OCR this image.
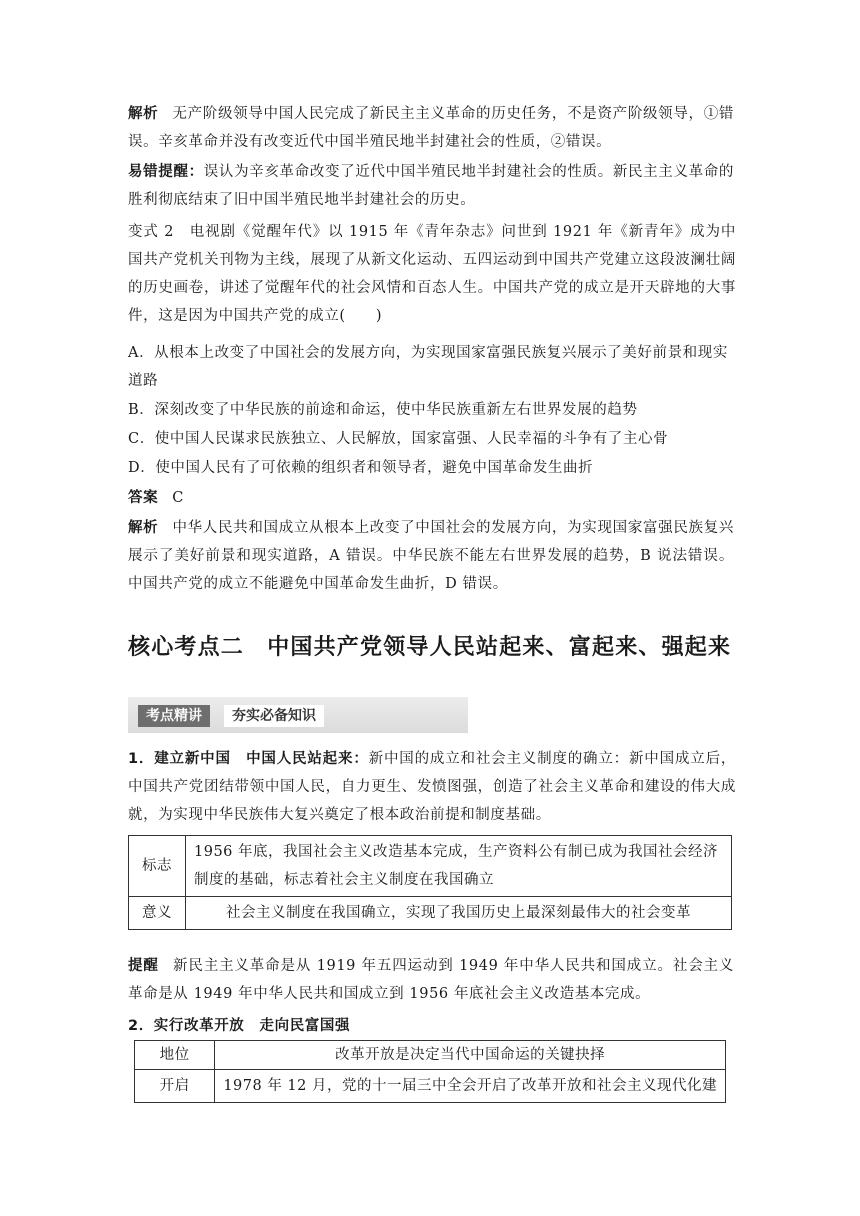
解析 无产阶级领导中国人民完成了新民主主义革命的历史任务，不是资产阶级领导，①错误。辛亥革命并没有改变近代中国半殖民地半封建社会的性质，②错误。
易错提醒：误认为辛亥革命改变了近代中国半殖民地半封建社会的性质。新民主主义革命的胜利彻底结束了旧中国半殖民地半封建社会的历史。
变式 2　电视剧《觉醒年代》以 1915 年《青年杂志》问世到 1921 年《新青年》成为中国共产党机关刊物为主线，展现了从新文化运动、五四运动到中国共产党建立这段波澜壮阔的历史画卷，讲述了觉醒年代的社会风情和百态人生。中国共产党的成立是开天辟地的大事件，这是因为中国共产党的成立(　　)
A．从根本上改变了中国社会的发展方向，为实现国家富强民族复兴展示了美好前景和现实道路
B．深刻改变了中华民族的前途和命运，使中华民族重新左右世界发展的趋势
C．使中国人民谋求民族独立、人民解放，国家富强、人民幸福的斗争有了主心骨
D．使中国人民有了可依赖的组织者和领导者，避免中国革命发生曲折
答案 C
解析 中华人民共和国成立从根本上改变了中国社会的发展方向，为实现国家富强民族复兴展示了美好前景和现实道路，A 错误。中华民族不能左右世界发展的趋势，B 说法错误。中国共产党的成立不能避免中国革命发生曲折，D 错误。
核心考点二　中国共产党领导人民站起来、富起来、强起来
考点精讲	夯实必备知识
1．建立新中国　中国人民站起来：新中国的成立和社会主义制度的确立：新中国成立后，中国共产党团结带领中国人民，自力更生、发愤图强，创造了社会主义革命和建设的伟大成就，为实现中华民族伟大复兴奠定了根本政治前提和制度基础。
标志	1956 年底，我国社会主义改造基本完成，生产资料公有制已成为我国社会经济制度的基础，标志着社会主义制度在我国确立
意义	社会主义制度在我国确立，实现了我国历史上最深刻最伟大的社会变革
提醒 新民主主义革命是从 1919 年五四运动到 1949 年中华人民共和国成立。社会主义革命是从 1949 年中华人民共和国成立到 1956 年底社会主义改造基本完成。
2．实行改革开放　走向民富国强
地位	改革开放是决定当代中国命运的关键抉择
开启	1978 年 12 月，党的十一届三中全会开启了改革开放和社会主义现代化建
